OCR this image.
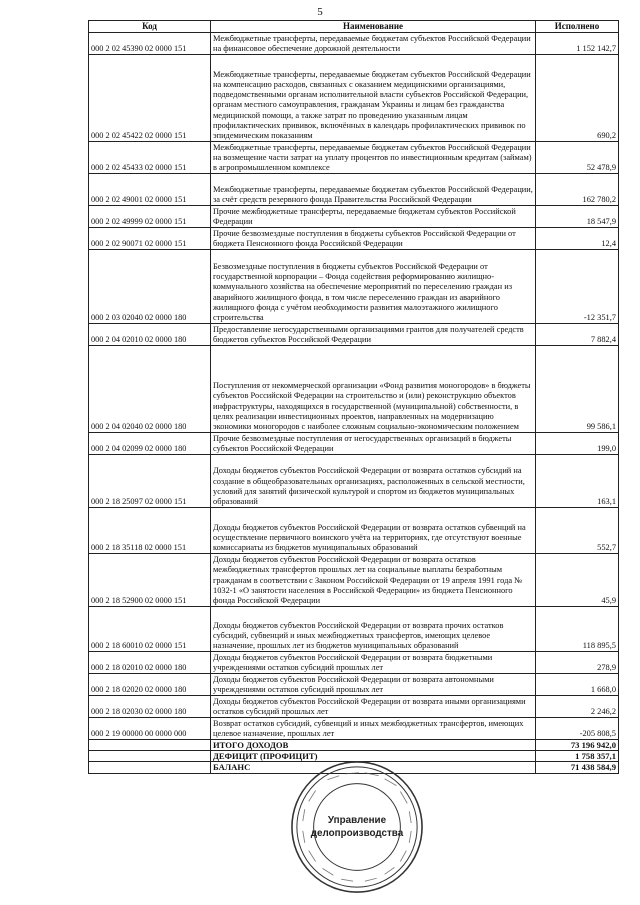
5
Код	Наименование	Исполнено
000 2 02 45390 02 0000 151	Межбюджетные трансферты, передаваемые бюджетам субъектов Российской Федерации на финансовое обеспечение дорожной деятельности	1 152 142,7
000 2 02 45422 02 0000 151	Межбюджетные трансферты, передаваемые бюджетам субъектов Российской Федерации на компенсацию расходов, связанных с оказанием медицинскими организациями, подведомственными органам исполнительной власти субъектов Российской Федерации, органам местного самоуправления, гражданам Украины и лицам без гражданства медицинской помощи, а также затрат по проведению указанным лицам профилактических прививок, включённых в календарь профилактических прививок по эпидемическим показаниям	690,2
000 2 02 45433 02 0000 151	Межбюджетные трансферты, передаваемые бюджетам субъектов Российской Федерации на возмещение части затрат на уплату процентов по инвестиционным кредитам (займам) в агропромышленном комплексе	52 478,9
000 2 02 49001 02 0000 151	Межбюджетные трансферты, передаваемые бюджетам субъектов Российской Федерации, за счёт средств резервного фонда Правительства Российской Федерации	162 780,2
000 2 02 49999 02 0000 151	Прочие межбюджетные трансферты, передаваемые бюджетам субъектов Российской Федерации	18 547,9
000 2 02 90071 02 0000 151	Прочие безвозмездные поступления в бюджеты субъектов Российской Федерации от бюджета Пенсионного фонда Российской Федерации	12,4
000 2 03 02040 02 0000 180	Безвозмездные поступления в бюджеты субъектов Российской Федерации от государственной корпорации – Фонда содействия реформированию жилищно-коммунального хозяйства на обеспечение мероприятий по переселению граждан из аварийного жилищного фонда, в том числе переселению граждан из аварийного жилищного фонда с учётом необходимости развития малоэтажного жилищного строительства	-12 351,7
000 2 04 02010 02 0000 180	Предоставление негосударственными организациями грантов для получателей средств бюджетов субъектов Российской Федерации	7 882,4
000 2 04 02040 02 0000 180	Поступления от некоммерческой организации «Фонд развития моногородов» в бюджеты субъектов Российской Федерации на строительство и (или) реконструкцию объектов инфраструктуры, находящихся в государственной (муниципальной) собственности, в целях реализации инвестиционных проектов, направленных на модернизацию экономики моногородов с наиболее сложным социально-экономическим положением	99 586,1
000 2 04 02099 02 0000 180	Прочие безвозмездные поступления от негосударственных организаций в бюджеты субъектов Российской Федерации	199,0
000 2 18 25097 02 0000 151	Доходы бюджетов субъектов Российской Федерации от возврата остатков субсидий на создание в общеобразовательных организациях, расположенных в сельской местности, условий для занятий физической культурой и спортом из бюджетов муниципальных образований	163,1
000 2 18 35118 02 0000 151	Доходы бюджетов субъектов Российской Федерации от возврата остатков субвенций на осуществление первичного воинского учёта на территориях, где отсутствуют военные комиссариаты из бюджетов муниципальных образований	552,7
000 2 18 52900 02 0000 151	Доходы бюджетов субъектов Российской Федерации от возврата остатков межбюджетных трансфертов прошлых лет на социальные выплаты безработным гражданам в соответствии с Законом Российской Федерации от 19 апреля 1991 года № 1032-1 «О занятости населения в Российской Федерации» из бюджета Пенсионного фонда Российской Федерации	45,9
000 2 18 60010 02 0000 151	Доходы бюджетов субъектов Российской Федерации от возврата прочих остатков субсидий, субвенций и иных межбюджетных трансфертов, имеющих целевое назначение, прошлых лет из бюджетов муниципальных образований	118 895,5
000 2 18 02010 02 0000 180	Доходы бюджетов субъектов Российской Федерации от возврата бюджетными учреждениями остатков субсидий прошлых лет	278,9
000 2 18 02020 02 0000 180	Доходы бюджетов субъектов Российской Федерации от возврата автономными учреждениями остатков субсидий прошлых лет	1 668,0
000 2 18 02030 02 0000 180	Доходы бюджетов субъектов Российской Федерации от возврата иными организациями остатков субсидий прошлых лет	2 246,2
000 2 19 00000 00 0000 000	Возврат остатков субсидий, субвенций и иных межбюджетных трансфертов, имеющих целевое назначение, прошлых лет	-205 808,5
	ИТОГО ДОХОДОВ	73 196 942,0
	ДЕФИЦИТ (ПРОФИЦИТ)	1 758 357,1
	БАЛАНС	71 438 584,9
Управление
делопроизводства
